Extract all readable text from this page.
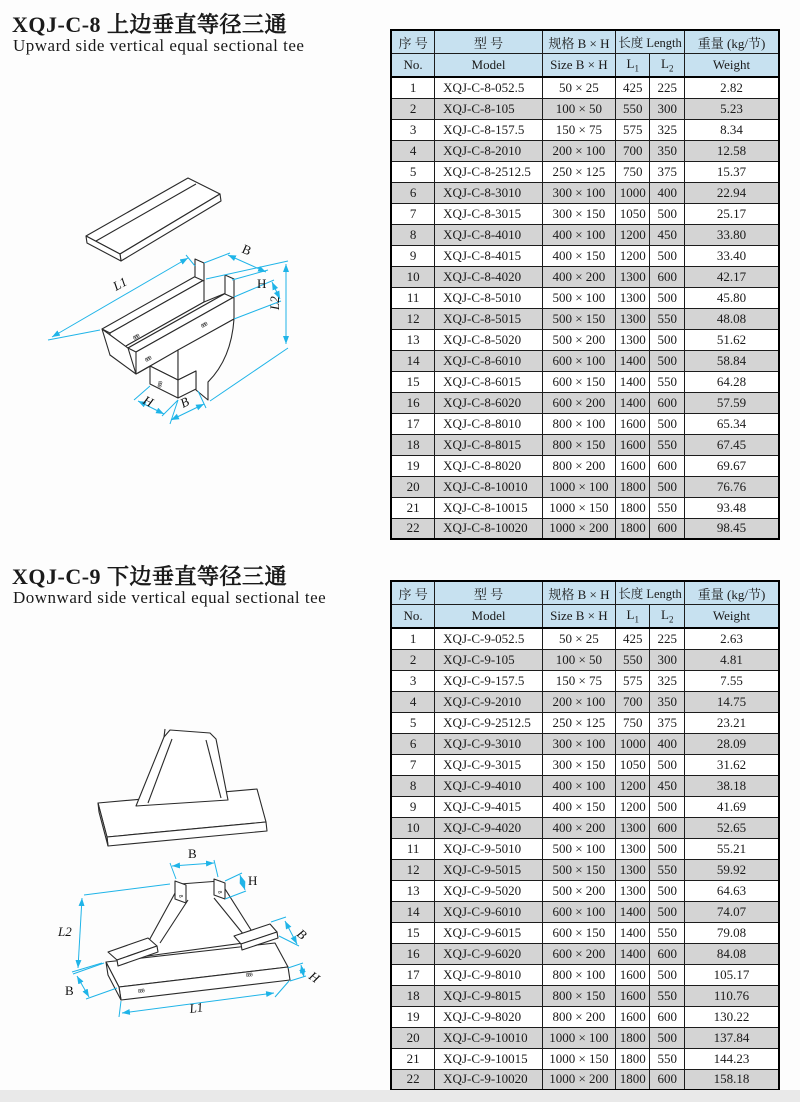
XQJ-C-8 上边垂直等径三通

Upward side vertical equal sectional tee

000
000
000
000
L1
B
H
L2
H B
序 号	型 号	规格 B × H	长度 Length		重量 (kg/节)
No.	Model	Size B × H	$L_1$	$L_2$	Weight
1	XQJ-C-8-052.5	50 × 25	425	225	2.82
2	XQJ-C-8-105	100 × 50	550	300	5.23
3	XQJ-C-8-157.5	150 × 75	575	325	8.34
4	XQJ-C-8-2010	200 × 100	700	350	12.58
5	XQJ-C-8-2512.5	250 × 125	750	375	15.37
6	XQJ-C-8-3010	300 × 100	1000	400	22.94
7	XQJ-C-8-3015	300 × 150	1050	500	25.17
8	XQJ-C-8-4010	400 × 100	1200	450	33.80
9	XQJ-C-8-4015	400 × 150	1200	500	33.40
10	XQJ-C-8-4020	400 × 200	1300	600	42.17
11	XQJ-C-8-5010	500 × 100	1300	500	45.80
12	XQJ-C-8-5015	500 × 150	1300	550	48.08
13	XQJ-C-8-5020	500 × 200	1300	500	51.62
14	XQJ-C-8-6010	600 × 100	1400	500	58.84
15	XQJ-C-8-6015	600 × 150	1400	550	64.28
16	XQJ-C-8-6020	600 × 200	1400	600	57.59
17	XQJ-C-8-8010	800 × 100	1600	500	65.34
18	XQJ-C-8-8015	800 × 150	1600	550	67.45
19	XQJ-C-8-8020	800 × 200	1600	600	69.67
20	XQJ-C-8-10010	1000 × 100	1800	500	76.76
21	XQJ-C-8-10015	1000 × 150	1800	550	93.48
22	XQJ-C-8-10020	1000 × 200	1800	600	98.45
XQJ-C-9 下边垂直等径三通

Downward side vertical equal sectional tee

000
000
8
8
B
H
L2	B
H
B
L1
序 号	型 号	规格 B × H	长度 Length		重量 (kg/节)
No.	Model	Size B × H	$L_1$	$L_2$	Weight
1	XQJ-C-9-052.5	50 × 25	425	225	2.63
2	XQJ-C-9-105	100 × 50	550	300	4.81
3	XQJ-C-9-157.5	150 × 75	575	325	7.55
4	XQJ-C-9-2010	200 × 100	700	350	14.75
5	XQJ-C-9-2512.5	250 × 125	750	375	23.21
6	XQJ-C-9-3010	300 × 100	1000	400	28.09
7	XQJ-C-9-3015	300 × 150	1050	500	31.62
8	XQJ-C-9-4010	400 × 100	1200	450	38.18
9	XQJ-C-9-4015	400 × 150	1200	500	41.69
10	XQJ-C-9-4020	400 × 200	1300	600	52.65
11	XQJ-C-9-5010	500 × 100	1300	500	55.21
12	XQJ-C-9-5015	500 × 150	1300	550	59.92
13	XQJ-C-9-5020	500 × 200	1300	500	64.63
14	XQJ-C-9-6010	600 × 100	1400	500	74.07
15	XQJ-C-9-6015	600 × 150	1400	550	79.08
16	XQJ-C-9-6020	600 × 200	1400	600	84.08
17	XQJ-C-9-8010	800 × 100	1600	500	105.17
18	XQJ-C-9-8015	800 × 150	1600	550	110.76
19	XQJ-C-9-8020	800 × 200	1600	600	130.22
20	XQJ-C-9-10010	1000 × 100	1800	500	137.84
21	XQJ-C-9-10015	1000 × 150	1800	550	144.23
22	XQJ-C-9-10020	1000 × 200	1800	600	158.18
